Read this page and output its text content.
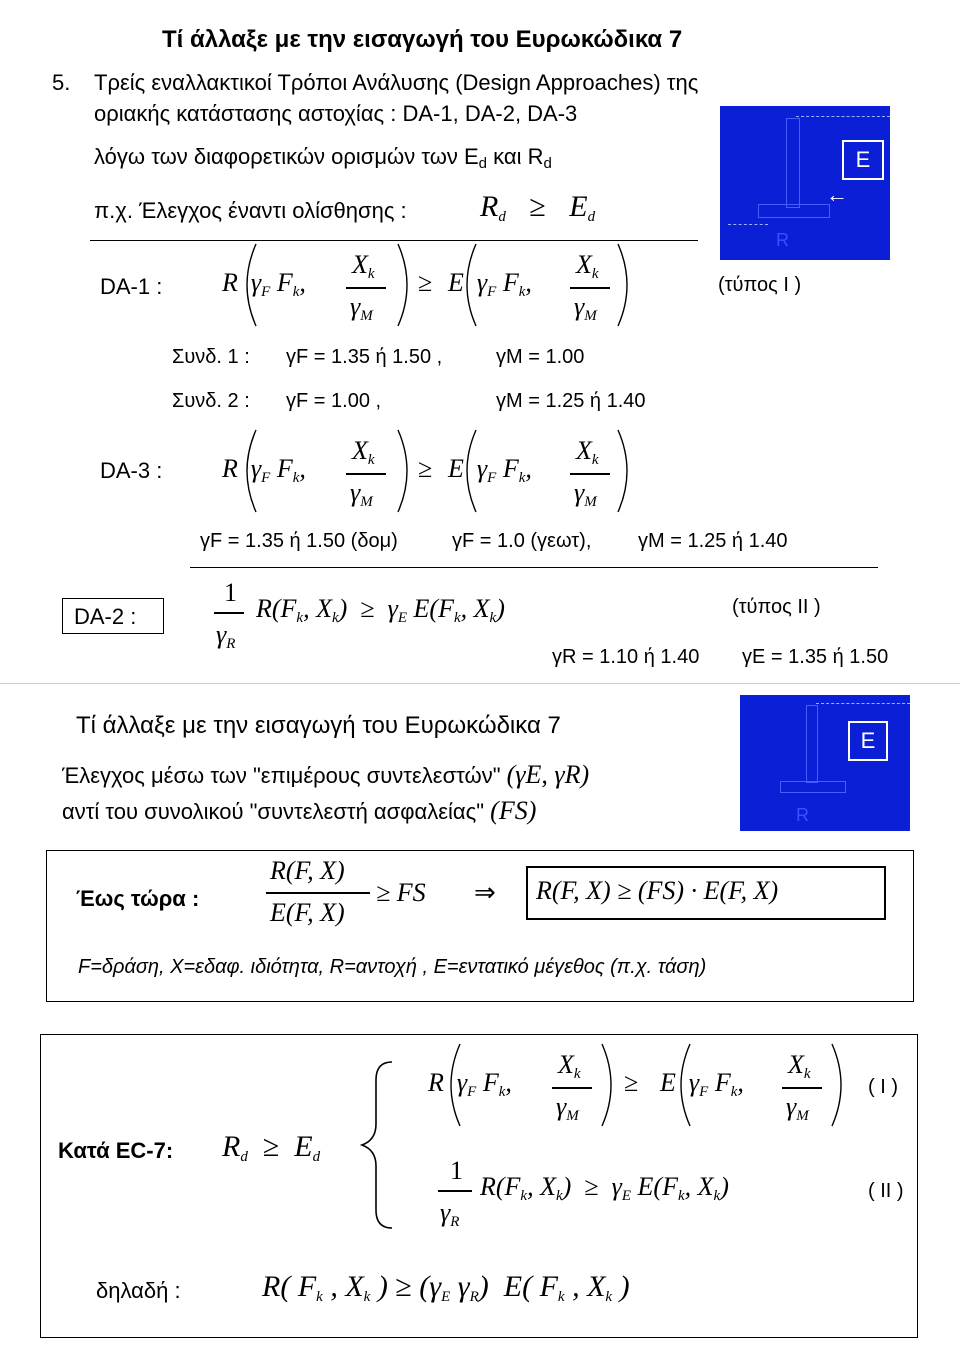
Τί άλλαξε με την εισαγωγή του Ευρωκώδικα 7
5. Τρείς εναλλακτικοί Τρόποι Ανάλυσης (Design Approaches) της
οριακής κατάστασης αστοχίας : DA-1, DA-2, DA-3
λόγω των διαφορετικών ορισμών των Ed και Rd
π.χ. Έλεγχος έναντι ολίσθησης : $R_d \ge E_d$
DA-1 : R  $\gamma_F$ $F_k$,
$X_k$
$\gamma_M$
≥ E  $\gamma_F$ $F_k$,
$X_k$
$\gamma_M$
(τύπος Ι )
Συνδ. 1 : γF = 1.35 ή 1.50 ,	γM = 1.00
Συνδ. 2 : γF = 1.00 ,	γM = 1.25 ή 1.40
DA-3 : R  $\gamma_F$ $F_k$,
$X_k$
$\gamma_M$
≥ E  $\gamma_F$ $F_k$,
$X_k$
$\gamma_M$
γF = 1.35 ή 1.50 (δομ)	γF = 1.0 (γεωτ), γM = 1.25 ή 1.40
DA-2 :
1
$\gamma_R$
$R(F_k$, $X_k) \ge \gamma_E$ $E(F_k$, $X_k$)	(τύπος ΙΙ )
γR = 1.10 ή 1.40 γE = 1.35 ή 1.50
R
E
←
Τί άλλαξε με την εισαγωγή του Ευρωκώδικα 7
Έλεγχος μέσω των "επιμέρους συντελεστών" (γE, γR)
αντί του συνολικού "συντελεστή ασφαλείας" (FS)	R
E
Έως τώρα :
R(F, X)
E(F, X)
≥ FS ⇒ R(F, X) ≥ (FS) · E(F, X)
F=δράση, X=εδαφ. ιδιότητα, R=αντοχή , E=εντατικό μέγεθος (π.χ. τάση)
Κατά EC-7: $R_d \ge E_d$
R  $\gamma_F$ $F_k$,
$X_k$
$\gamma_M$
≥ E  $\gamma_F$ $F_k$,
$X_k$
$\gamma_M$
( Ι )
1
$\gamma_R$
$R(F_k$, $X_k) \ge \gamma_E$ $E(F_k$, $X_k$)	( ΙΙ )
δηλαδή :	R( $F_k$ , $X_k$ ) ≥ ($\gamma_E$ $\gamma_R$)  E( $F_k$ , $X_k$ )
